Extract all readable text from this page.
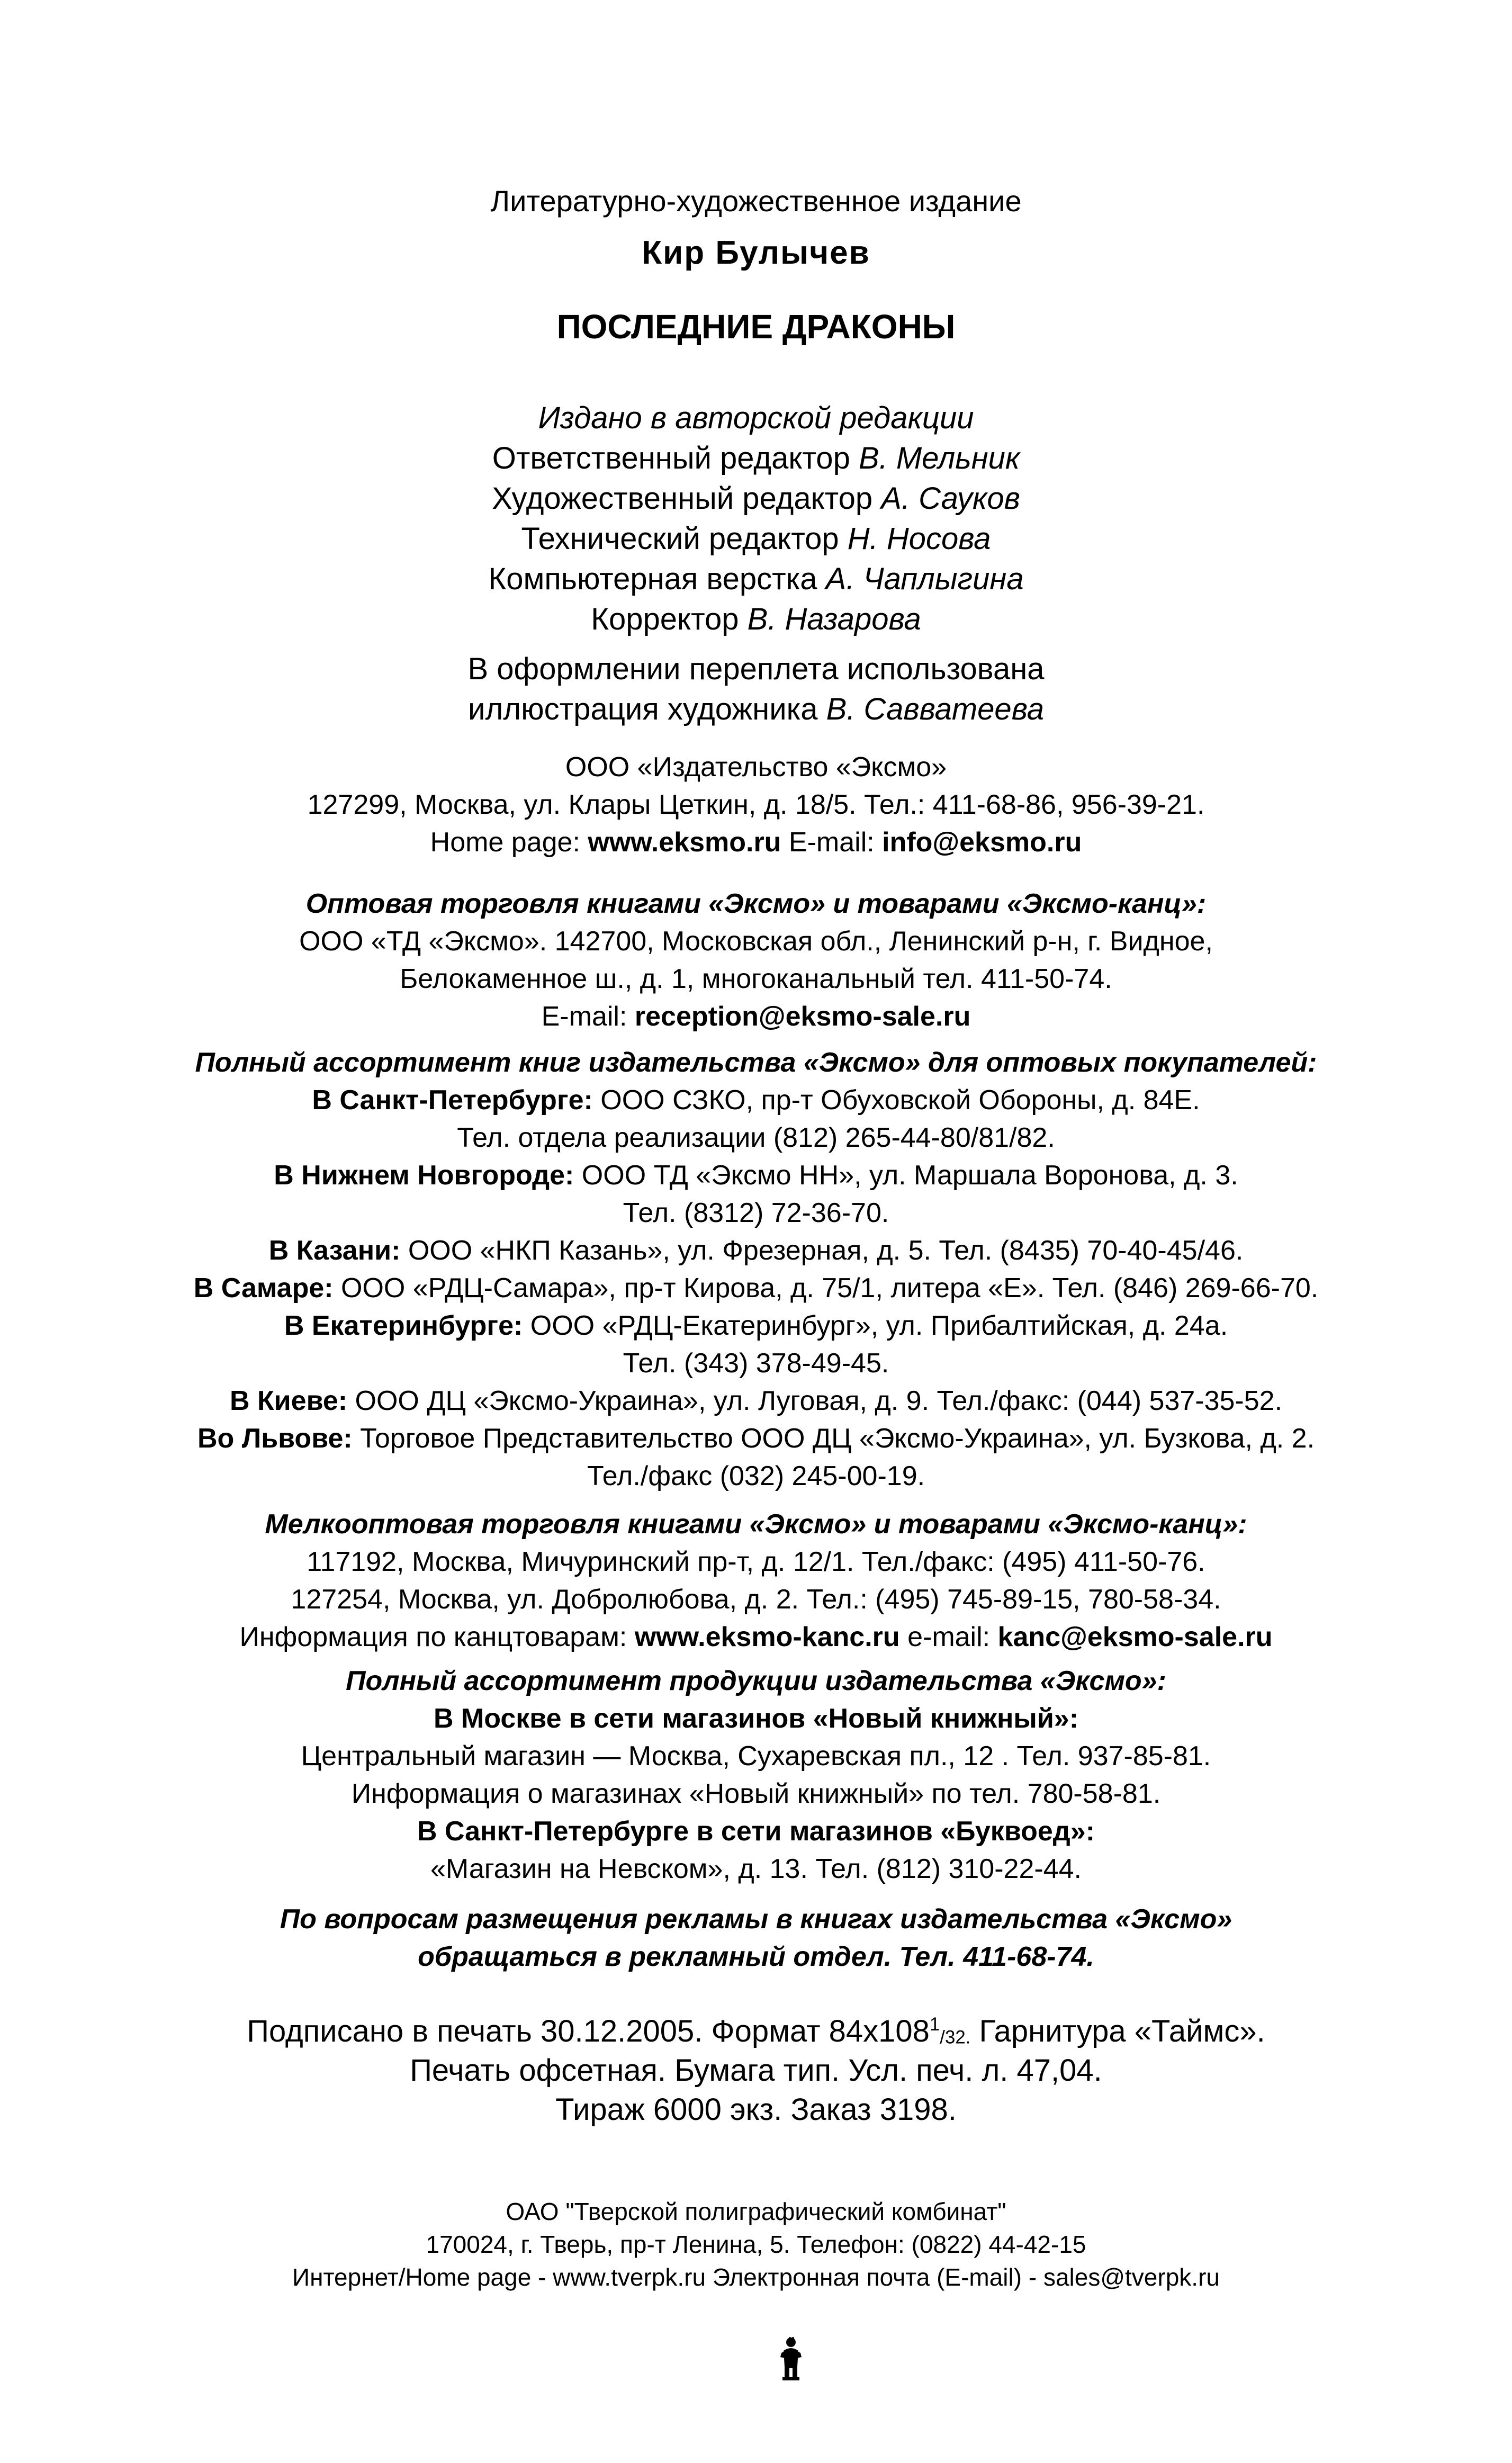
Литературно-художественное издание
Кир Булычев
ПОСЛЕДНИЕ ДРАКОНЫ
Издано в авторской редакции
Ответственный редактор В. Мельник
Художественный редактор А. Сауков
Технический редактор Н. Носова
Компьютерная верстка А. Чаплыгина
Корректор В. Назарова
В оформлении переплета использована
иллюстрация художника В. Савватеева
ООО «Издательство «Эксмо»
127299, Москва, ул. Клары Цеткин, д. 18/5. Тел.: 411-68-86, 956-39-21.
Home page: www.eksmo.ru E-mail: info@eksmo.ru
Оптовая торговля книгами «Эксмо» и товарами «Эксмо-канц»:
ООО «ТД «Эксмо». 142700, Московская обл., Ленинский р-н, г. Видное,
Белокаменное ш., д. 1, многоканальный тел. 411-50-74.
E-mail: reception@eksmo-sale.ru
Полный ассортимент книг издательства «Эксмо» для оптовых покупателей:
В Санкт-Петербурге: ООО СЗКО, пр-т Обуховской Обороны, д. 84Е.
Тел. отдела реализации (812) 265-44-80/81/82.
В Нижнем Новгороде: ООО ТД «Эксмо НН», ул. Маршала Воронова, д. 3.
Тел. (8312) 72-36-70.
В Казани: ООО «НКП Казань», ул. Фрезерная, д. 5. Тел. (8435) 70-40-45/46.
В Самаре: ООО «РДЦ-Самара», пр-т Кирова, д. 75/1, литера «Е». Тел. (846) 269-66-70.
В Екатеринбурге: ООО «РДЦ-Екатеринбург», ул. Прибалтийская, д. 24а.
Тел. (343) 378-49-45.
В Киеве: ООО ДЦ «Эксмо-Украина», ул. Луговая, д. 9. Тел./факс: (044) 537-35-52.
Во Львове: Торговое Представительство ООО ДЦ «Эксмо-Украина», ул. Бузкова, д. 2.
Тел./факс (032) 245-00-19.
Мелкооптовая торговля книгами «Эксмо» и товарами «Эксмо-канц»:
117192, Москва, Мичуринский пр-т, д. 12/1. Тел./факс: (495) 411-50-76.
127254, Москва, ул. Добролюбова, д. 2. Тел.: (495) 745-89-15, 780-58-34.
Информация по канцтоварам: www.eksmo-kanc.ru e-mail: kanc@eksmo-sale.ru
Полный ассортимент продукции издательства «Эксмо»:
В Москве в сети магазинов «Новый книжный»:
Центральный магазин — Москва, Сухаревская пл., 12 . Тел. 937-85-81.
Информация о магазинах «Новый книжный» по тел. 780-58-81.
В Санкт-Петербурге в сети магазинов «Буквоед»:
«Магазин на Невском», д. 13. Тел. (812) 310-22-44.
По вопросам размещения рекламы в книгах издательства «Эксмо»
обращаться в рекламный отдел. Тел. 411-68-74.
Подписано в печать 30.12.2005. Формат $84x108^1_{/32.}$ Гарнитура «Таймс».
Печать офсетная. Бумага тип. Усл. печ. л. 47,04.
Тираж 6000 экз. Заказ 3198.
ОАО "Тверской полиграфический комбинат"
170024, г. Тверь, пр-т Ленина, 5. Телефон: (0822) 44-42-15
Интернет/Home page - www.tverpk.ru Электронная почта (E-mail) - sales@tverpk.ru
